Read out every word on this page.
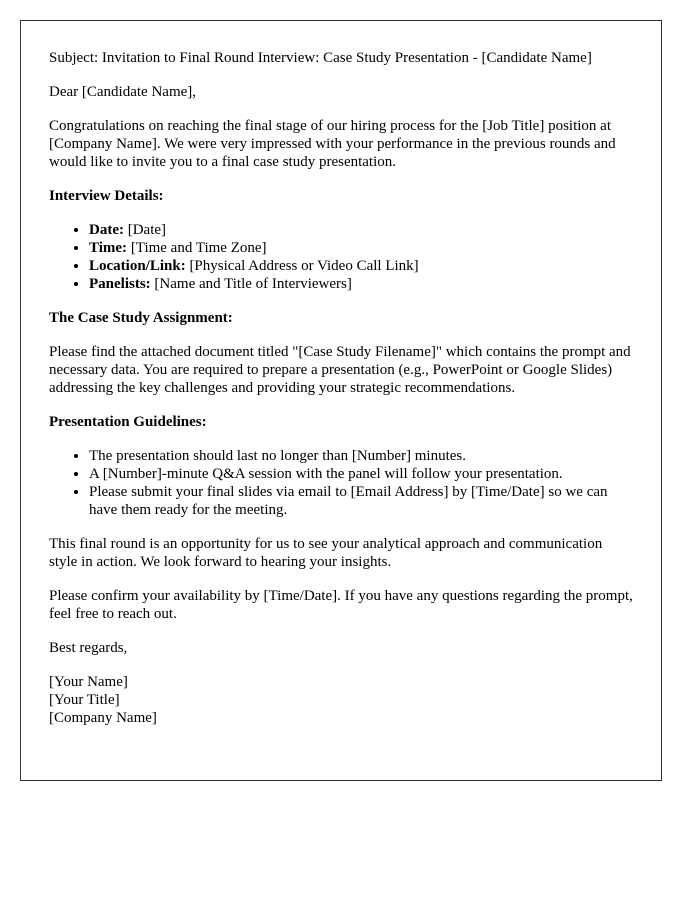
Subject: Invitation to Final Round Interview: Case Study Presentation - [Candidate Name]

Dear [Candidate Name],

Congratulations on reaching the final stage of our hiring process for the [Job Title] position at [Company Name]. We were very impressed with your performance in the previous rounds and would like to invite you to a final case study presentation.

Interview Details:
• Date: [Date]
• Time: [Time and Time Zone]
• Location/Link: [Physical Address or Video Call Link]
• Panelists: [Name and Title of Interviewers]
The Case Study Assignment:

Please find the attached document titled "[Case Study Filename]" which contains the prompt and necessary data. You are required to prepare a presentation (e.g., PowerPoint or Google Slides) addressing the key challenges and providing your strategic recommendations.

Presentation Guidelines:
• The presentation should last no longer than [Number] minutes.
• A [Number]-minute Q&A session with the panel will follow your presentation.
• Please submit your final slides via email to [Email Address] by [Time/Date] so we can have them ready for the meeting.

This final round is an opportunity for us to see your analytical approach and communication style in action. We look forward to hearing your insights.

Please confirm your availability by [Time/Date]. If you have any questions regarding the prompt, feel free to reach out.

Best regards,

[Your Name]
[Your Title]
[Company Name]
